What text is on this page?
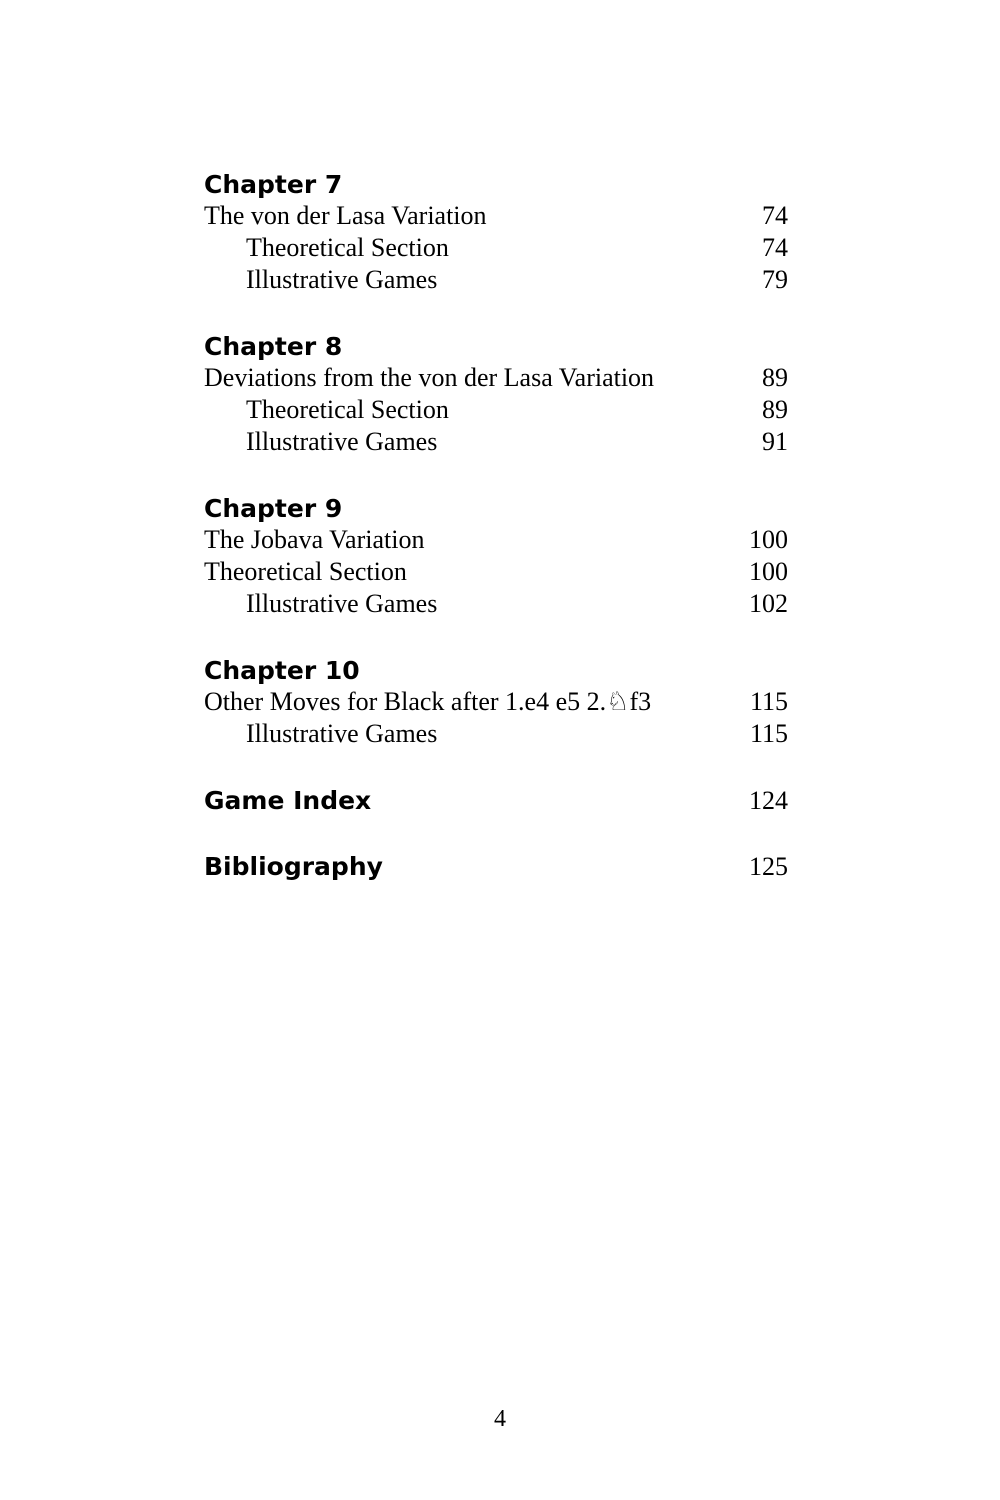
Chapter 7
The von der Lasa Variation	74
Theoretical Section	74
Illustrative Games	79
Chapter 8
Deviations from the von der Lasa Variation	89
Theoretical Section	89
Illustrative Games	91
Chapter 9
The Jobava Variation	100
Theoretical Section	100
Illustrative Games	102
Chapter 10
Other Moves for Black after 1.e4 e5 2.♘f3	115
Illustrative Games	115
Game Index	124
Bibliography	125
4
